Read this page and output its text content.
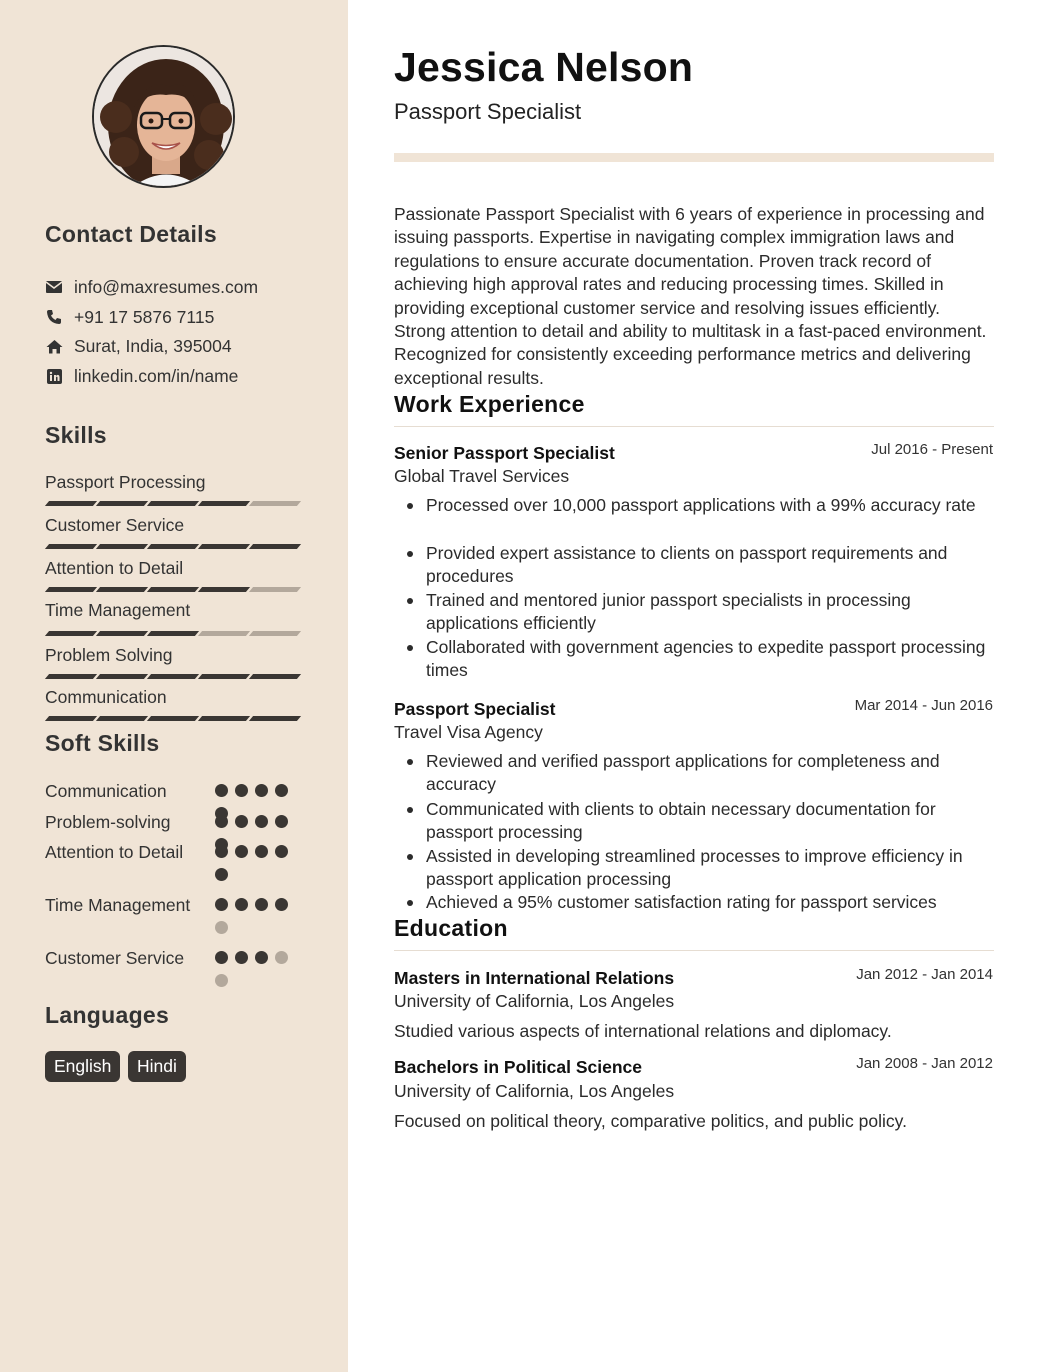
Contact Details
info@maxresumes.com
+91 17 5876 7115
Surat, India, 395004
linkedin.com/in/name
Skills
Passport Processing
Customer Service
Attention to Detail
Time Management
Problem Solving
Communication
Soft Skills
Communication
Problem-solving
Attention to Detail
Time Management
Customer Service
Languages
English	Hindi
Jessica Nelson
Passport Specialist
Passionate Passport Specialist with 6 years of experience in processing and issuing passports. Expertise in navigating complex immigration laws and regulations to ensure accurate documentation. Proven track record of achieving high approval rates and reducing processing times. Skilled in providing exceptional customer service and resolving issues efficiently. Strong attention to detail and ability to multitask in a fast-paced environment. Recognized for consistently exceeding performance metrics and delivering exceptional results.
Work Experience
Senior Passport Specialist	Jul 2016 - Present
Global Travel Services
Processed over 10,000 passport applications with a 99% accuracy rate
Provided expert assistance to clients on passport requirements and procedures
Trained and mentored junior passport specialists in processing applications efficiently
Collaborated with government agencies to expedite passport processing times
Passport Specialist	Mar 2014 - Jun 2016
Travel Visa Agency
Reviewed and verified passport applications for completeness and accuracy
Communicated with clients to obtain necessary documentation for passport processing
Assisted in developing streamlined processes to improve efficiency in passport application processing
Achieved a 95% customer satisfaction rating for passport services
Education
Masters in International Relations	Jan 2012 - Jan 2014
University of California, Los Angeles
Studied various aspects of international relations and diplomacy.
Bachelors in Political Science	Jan 2008 - Jan 2012
University of California, Los Angeles
Focused on political theory, comparative politics, and public policy.
